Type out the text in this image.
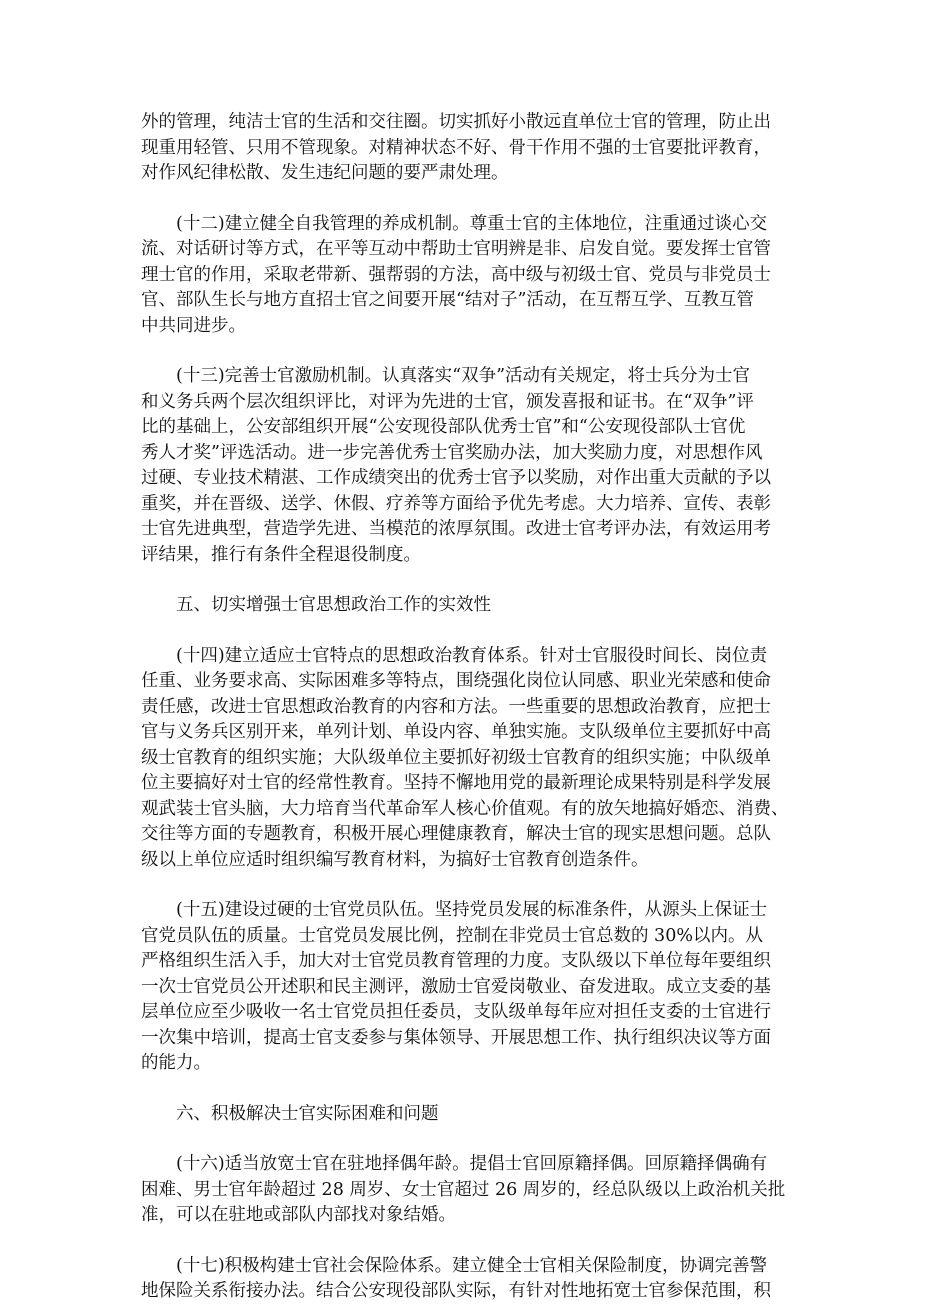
外的管理，纯洁士官的生活和交往圈。切实抓好小散远直单位士官的管理，防止出
现重用轻管、只用不管现象。对精神状态不好、骨干作用不强的士官要批评教育，
对作风纪律松散、发生违纪问题的要严肃处理。
　　(十二)建立健全自我管理的养成机制。尊重士官的主体地位，注重通过谈心交
流、对话研讨等方式，在平等互动中帮助士官明辨是非、启发自觉。要发挥士官管
理士官的作用，采取老带新、强帮弱的方法，高中级与初级士官、党员与非党员士
官、部队生长与地方直招士官之间要开展“结对子”活动，在互帮互学、互教互管
中共同进步。
　　(十三)完善士官激励机制。认真落实“双争”活动有关规定，将士兵分为士官
和义务兵两个层次组织评比，对评为先进的士官，颁发喜报和证书。在“双争”评
比的基础上，公安部组织开展“公安现役部队优秀士官”和“公安现役部队士官优
秀人才奖”评选活动。进一步完善优秀士官奖励办法，加大奖励力度，对思想作风
过硬、专业技术精湛、工作成绩突出的优秀士官予以奖励，对作出重大贡献的予以
重奖，并在晋级、送学、休假、疗养等方面给予优先考虑。大力培养、宣传、表彰
士官先进典型，营造学先进、当模范的浓厚氛围。改进士官考评办法，有效运用考
评结果，推行有条件全程退役制度。
　　五、切实增强士官思想政治工作的实效性
　　(十四)建立适应士官特点的思想政治教育体系。针对士官服役时间长、岗位责
任重、业务要求高、实际困难多等特点，围绕强化岗位认同感、职业光荣感和使命
责任感，改进士官思想政治教育的内容和方法。一些重要的思想政治教育，应把士
官与义务兵区别开来，单列计划、单设内容、单独实施。支队级单位主要抓好中高
级士官教育的组织实施；大队级单位主要抓好初级士官教育的组织实施；中队级单
位主要搞好对士官的经常性教育。坚持不懈地用党的最新理论成果特别是科学发展
观武装士官头脑，大力培育当代革命军人核心价值观。有的放矢地搞好婚恋、消费、
交往等方面的专题教育，积极开展心理健康教育，解决士官的现实思想问题。总队
级以上单位应适时组织编写教育材料，为搞好士官教育创造条件。
　　(十五)建设过硬的士官党员队伍。坚持党员发展的标准条件，从源头上保证士
官党员队伍的质量。士官党员发展比例，控制在非党员士官总数的 30%以内。从
严格组织生活入手，加大对士官党员教育管理的力度。支队级以下单位每年要组织
一次士官党员公开述职和民主测评，激励士官爱岗敬业、奋发进取。成立支委的基
层单位应至少吸收一名士官党员担任委员，支队级单每年应对担任支委的士官进行
一次集中培训，提高士官支委参与集体领导、开展思想工作、执行组织决议等方面
的能力。
　　六、积极解决士官实际困难和问题
　　(十六)适当放宽士官在驻地择偶年龄。提倡士官回原籍择偶。回原籍择偶确有
困难、男士官年龄超过 28 周岁、女士官超过 26 周岁的，经总队级以上政治机关批
准，可以在驻地或部队内部找对象结婚。
　　(十七)积极构建士官社会保险体系。建立健全士官相关保险制度，协调完善警
地保险关系衔接办法。结合公安现役部队实际，有针对性地拓宽士官参保范围，积
